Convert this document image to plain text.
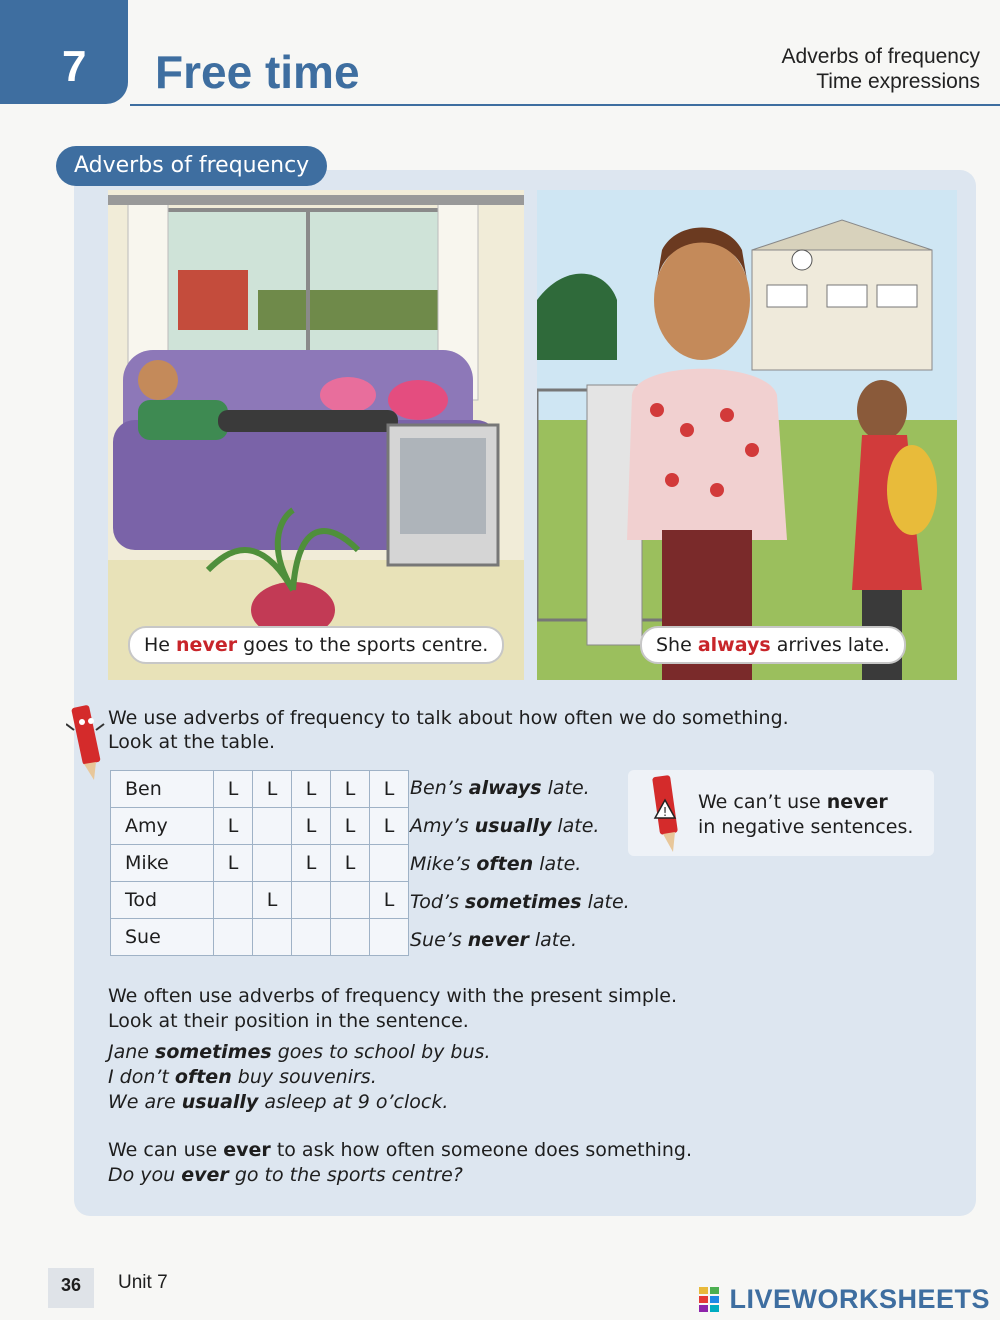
7 Free time	Adverbs of frequency
Time expressions
Adverbs of frequency
He never goes to the sports centre.	She always arrives late.
We use adverbs of frequency to talk about how often we do something.
Look at the table.
Ben	L	L	L	L	L
Amy	L		L	L	L
Mike	L		L	L	
Tod		L			L
Sue					
Ben’s always late.
Amy’s usually late.
Mike’s often late.
Tod’s sometimes late.
Sue’s never late.
! We can’t use never
in negative sentences.
We often use adverbs of frequency with the present simple.
Look at their position in the sentence.
Jane sometimes goes to school by bus.
I don’t often buy souvenirs.
We are usually asleep at 9 o’clock.
We can use ever to ask how often someone does something.
Do you ever go to the sports centre?
36	Unit 7
LIVEWORKSHEETS
